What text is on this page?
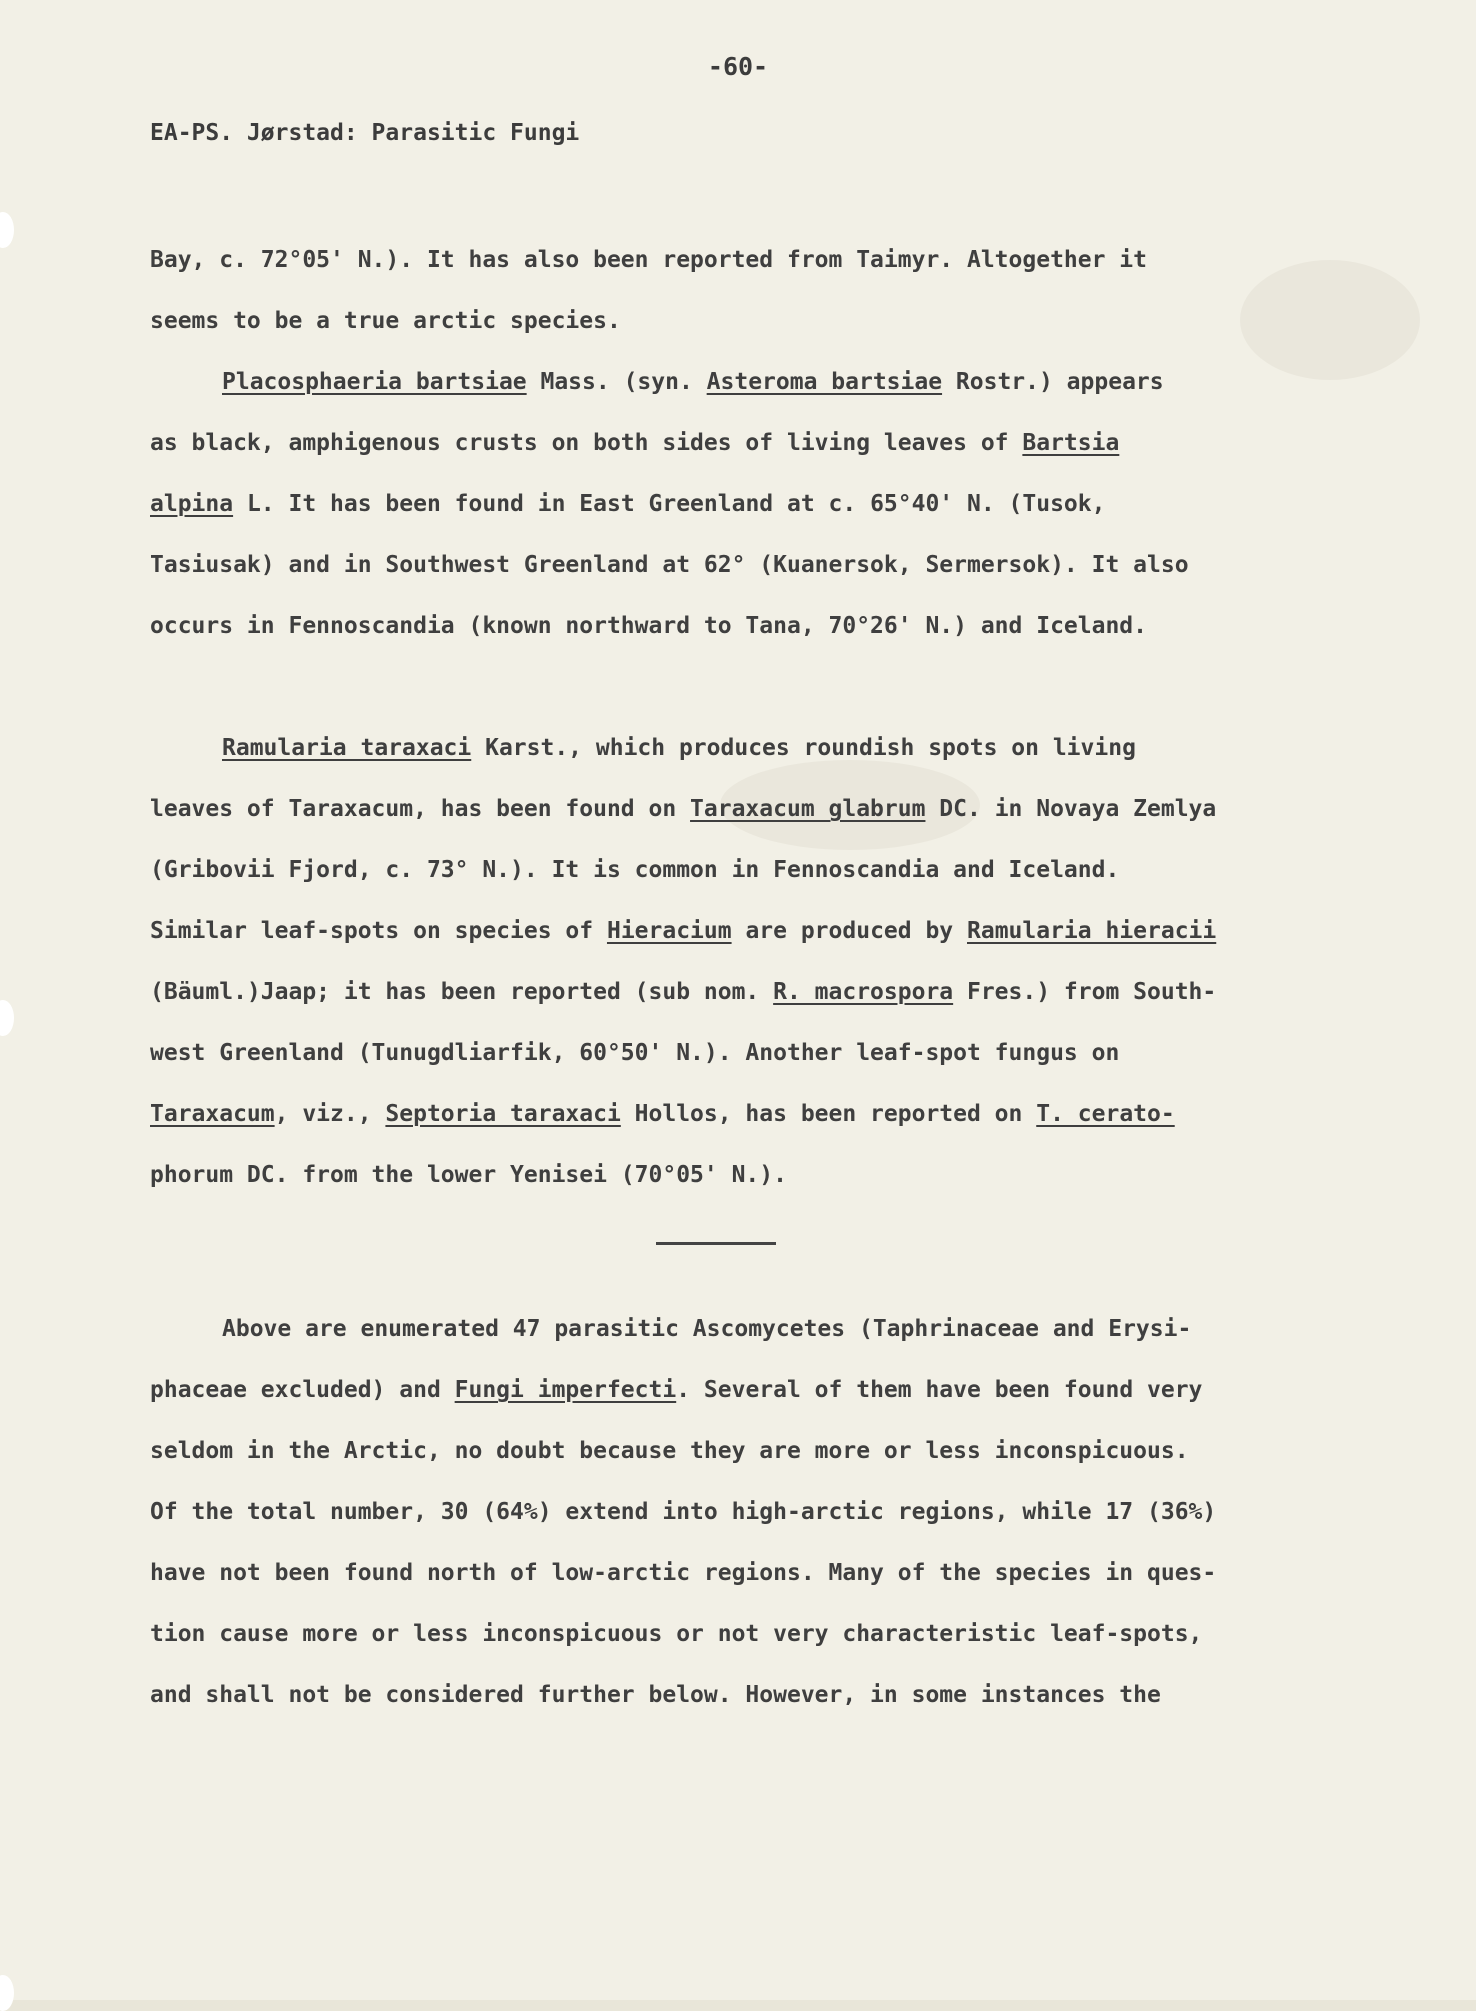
-60-
EA-PS. Jørstad: Parasitic Fungi
Bay, c. 72°05' N.). It has also been reported from Taimyr. Altogether it
seems to be a true arctic species.
Placosphaeria bartsiae Mass. (syn. Asteroma bartsiae Rostr.) appears
as black, amphigenous crusts on both sides of living leaves of Bartsia
alpina L. It has been found in East Greenland at c. 65°40' N. (Tusok,
Tasiusak) and in Southwest Greenland at 62° (Kuanersok, Sermersok). It also
occurs in Fennoscandia (known northward to Tana, 70°26' N.) and Iceland.
Ramularia taraxaci Karst., which produces roundish spots on living
leaves of Taraxacum, has been found on Taraxacum glabrum DC. in Novaya Zemlya
(Gribovii Fjord, c. 73° N.). It is common in Fennoscandia and Iceland.
Similar leaf-spots on species of Hieracium are produced by Ramularia hieracii
(Bäuml.)Jaap; it has been reported (sub nom. R. macrospora Fres.) from South-
west Greenland (Tunugdliarfik, 60°50' N.). Another leaf-spot fungus on
Taraxacum, viz., Septoria taraxaci Hollos, has been reported on T. cerato-
phorum DC. from the lower Yenisei (70°05' N.).
Above are enumerated 47 parasitic Ascomycetes (Taphrinaceae and Erysi-
phaceae excluded) and Fungi imperfecti. Several of them have been found very
seldom in the Arctic, no doubt because they are more or less inconspicuous.
Of the total number, 30 (64%) extend into high-arctic regions, while 17 (36%)
have not been found north of low-arctic regions. Many of the species in ques-
tion cause more or less inconspicuous or not very characteristic leaf-spots,
and shall not be considered further below. However, in some instances the
